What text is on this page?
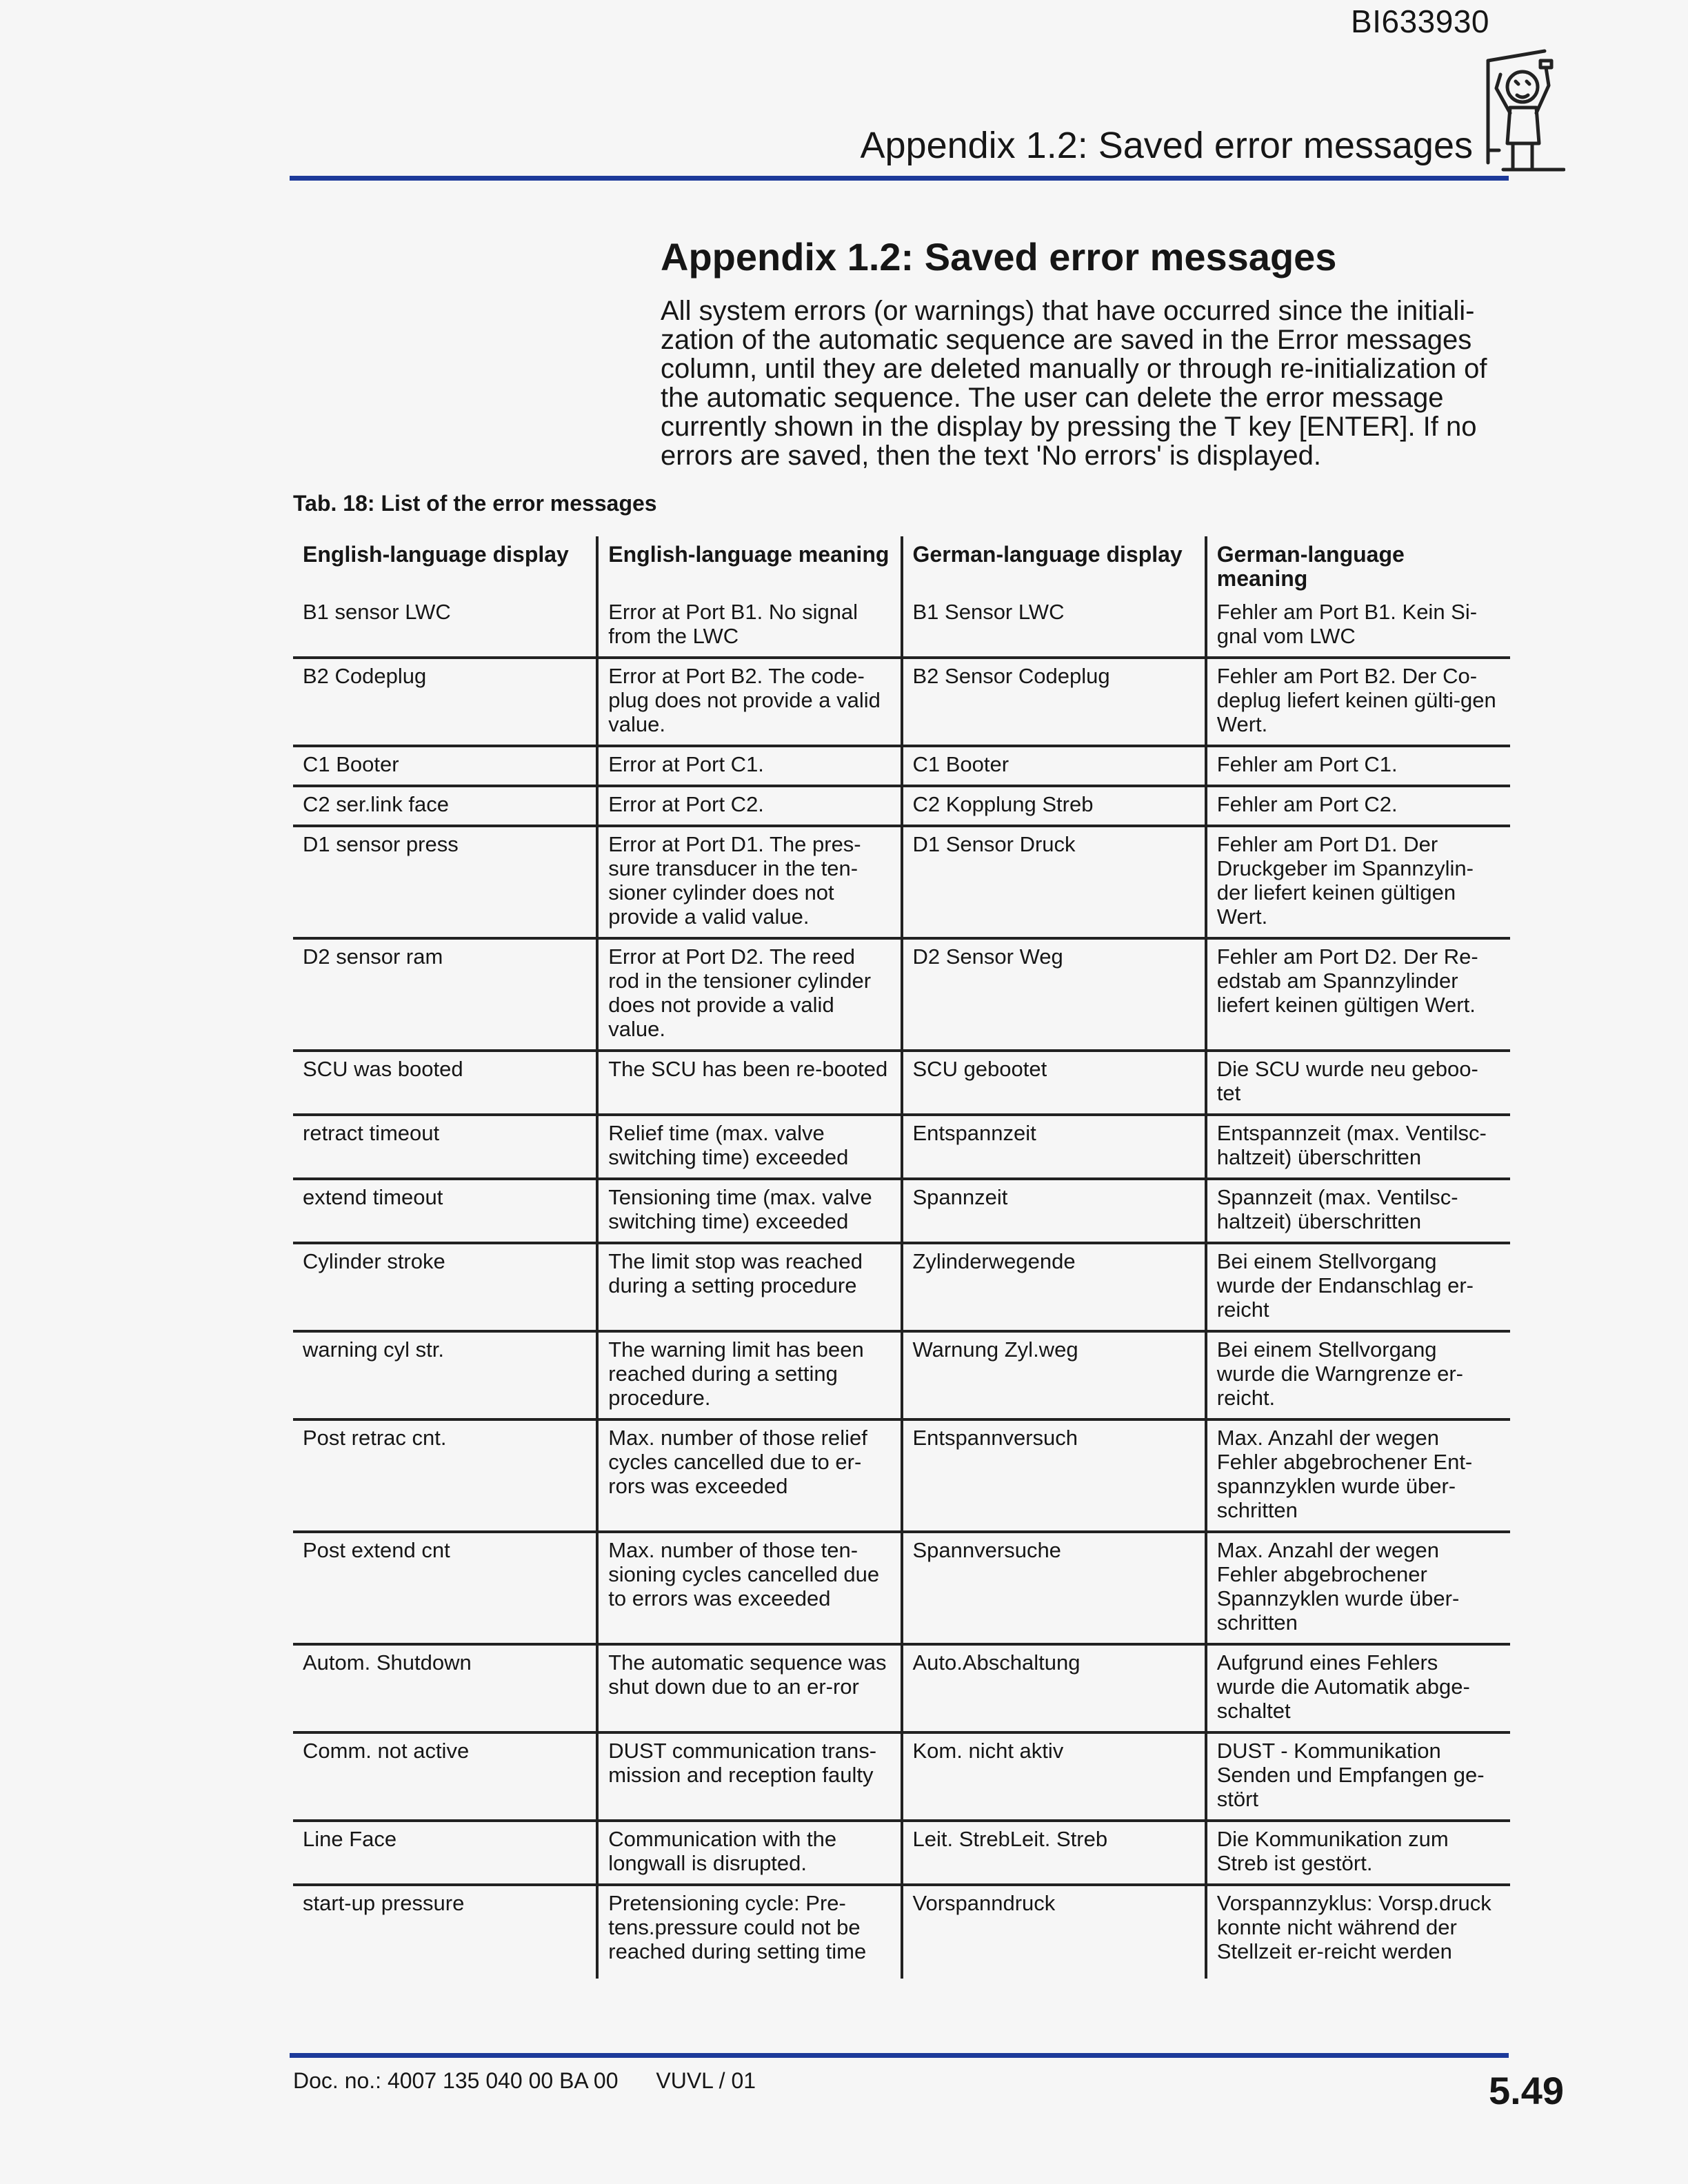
BI633930
Appendix 1.2: Saved error messages
Appendix 1.2: Saved error messages

All system errors (or warnings) that have occurred since the initiali-zation of the automatic sequence are saved in the Error messages column, until they are deleted manually or through re-initialization of the automatic sequence. The user can delete the error message currently shown in the display by pressing the T key [ENTER]. If no errors are saved, then the text 'No errors' is displayed.

Tab. 18: List of the error messages
English-language display	English-language meaning	German-language display	German-language meaning
B1 sensor LWC	Error at Port B1. No signal from the LWC	B1 Sensor LWC	Fehler am Port B1. Kein Si-gnal vom LWC
B2 Codeplug	Error at Port B2. The code-plug does not provide a valid value.	B2 Sensor Codeplug	Fehler am Port B2. Der Co-deplug liefert keinen gülti-gen Wert.
C1 Booter	Error at Port C1.	C1 Booter	Fehler am Port C1.
C2 ser.link face	Error at Port C2.	C2 Kopplung Streb	Fehler am Port C2.
D1 sensor press	Error at Port D1. The pres-sure transducer in the ten-sioner cylinder does not provide a valid value.	D1 Sensor Druck	Fehler am Port D1. Der Druckgeber im Spannzylin-der liefert keinen gültigen Wert.
D2 sensor ram	Error at Port D2. The reed rod in the tensioner cylinder does not provide a valid value.	D2 Sensor Weg	Fehler am Port D2. Der Re-edstab am Spannzylinder liefert keinen gültigen Wert.
SCU was booted	The SCU has been re-booted	SCU gebootet	Die SCU wurde neu geboo-tet
retract timeout	Relief time (max. valve switching time) exceeded	Entspannzeit	Entspannzeit (max. Ventilsc-haltzeit) überschritten
extend timeout	Tensioning time (max. valve switching time) exceeded	Spannzeit	Spannzeit (max. Ventilsc-haltzeit) überschritten
Cylinder stroke	The limit stop was reached during a setting procedure	Zylinderwegende	Bei einem Stellvorgang wurde der Endanschlag er-reicht
warning cyl str.	The warning limit has been reached during a setting procedure.	Warnung Zyl.weg	Bei einem Stellvorgang wurde die Warngrenze er-reicht.
Post retrac cnt.	Max. number of those relief cycles cancelled due to er-rors was exceeded	Entspannversuch	Max. Anzahl der wegen Fehler abgebrochener Ent-spannzyklen wurde über-schritten
Post extend cnt	Max. number of those ten-sioning cycles cancelled due to errors was exceeded	Spannversuche	Max. Anzahl der wegen Fehler abgebrochener Spannzyklen wurde über-schritten
Autom. Shutdown	The automatic sequence was shut down due to an er-ror	Auto.Abschaltung	Aufgrund eines Fehlers wurde die Automatik abge-schaltet
Comm. not active	DUST communication trans-mission and reception faulty	Kom. nicht aktiv	DUST - Kommunikation Senden und Empfangen ge-stört
Line Face	Communication with the longwall is disrupted.	Leit. StrebLeit. Streb	Die Kommunikation zum Streb ist gestört.
start-up pressure	Pretensioning cycle: Pre-tens.pressure could not be reached during setting time	Vorspanndruck	Vorspannzyklus: Vorsp.druck konnte nicht während der Stellzeit er-reicht werden
Doc. no.: 4007 135 040 00 BA 00 VUVL / 01	5.49
